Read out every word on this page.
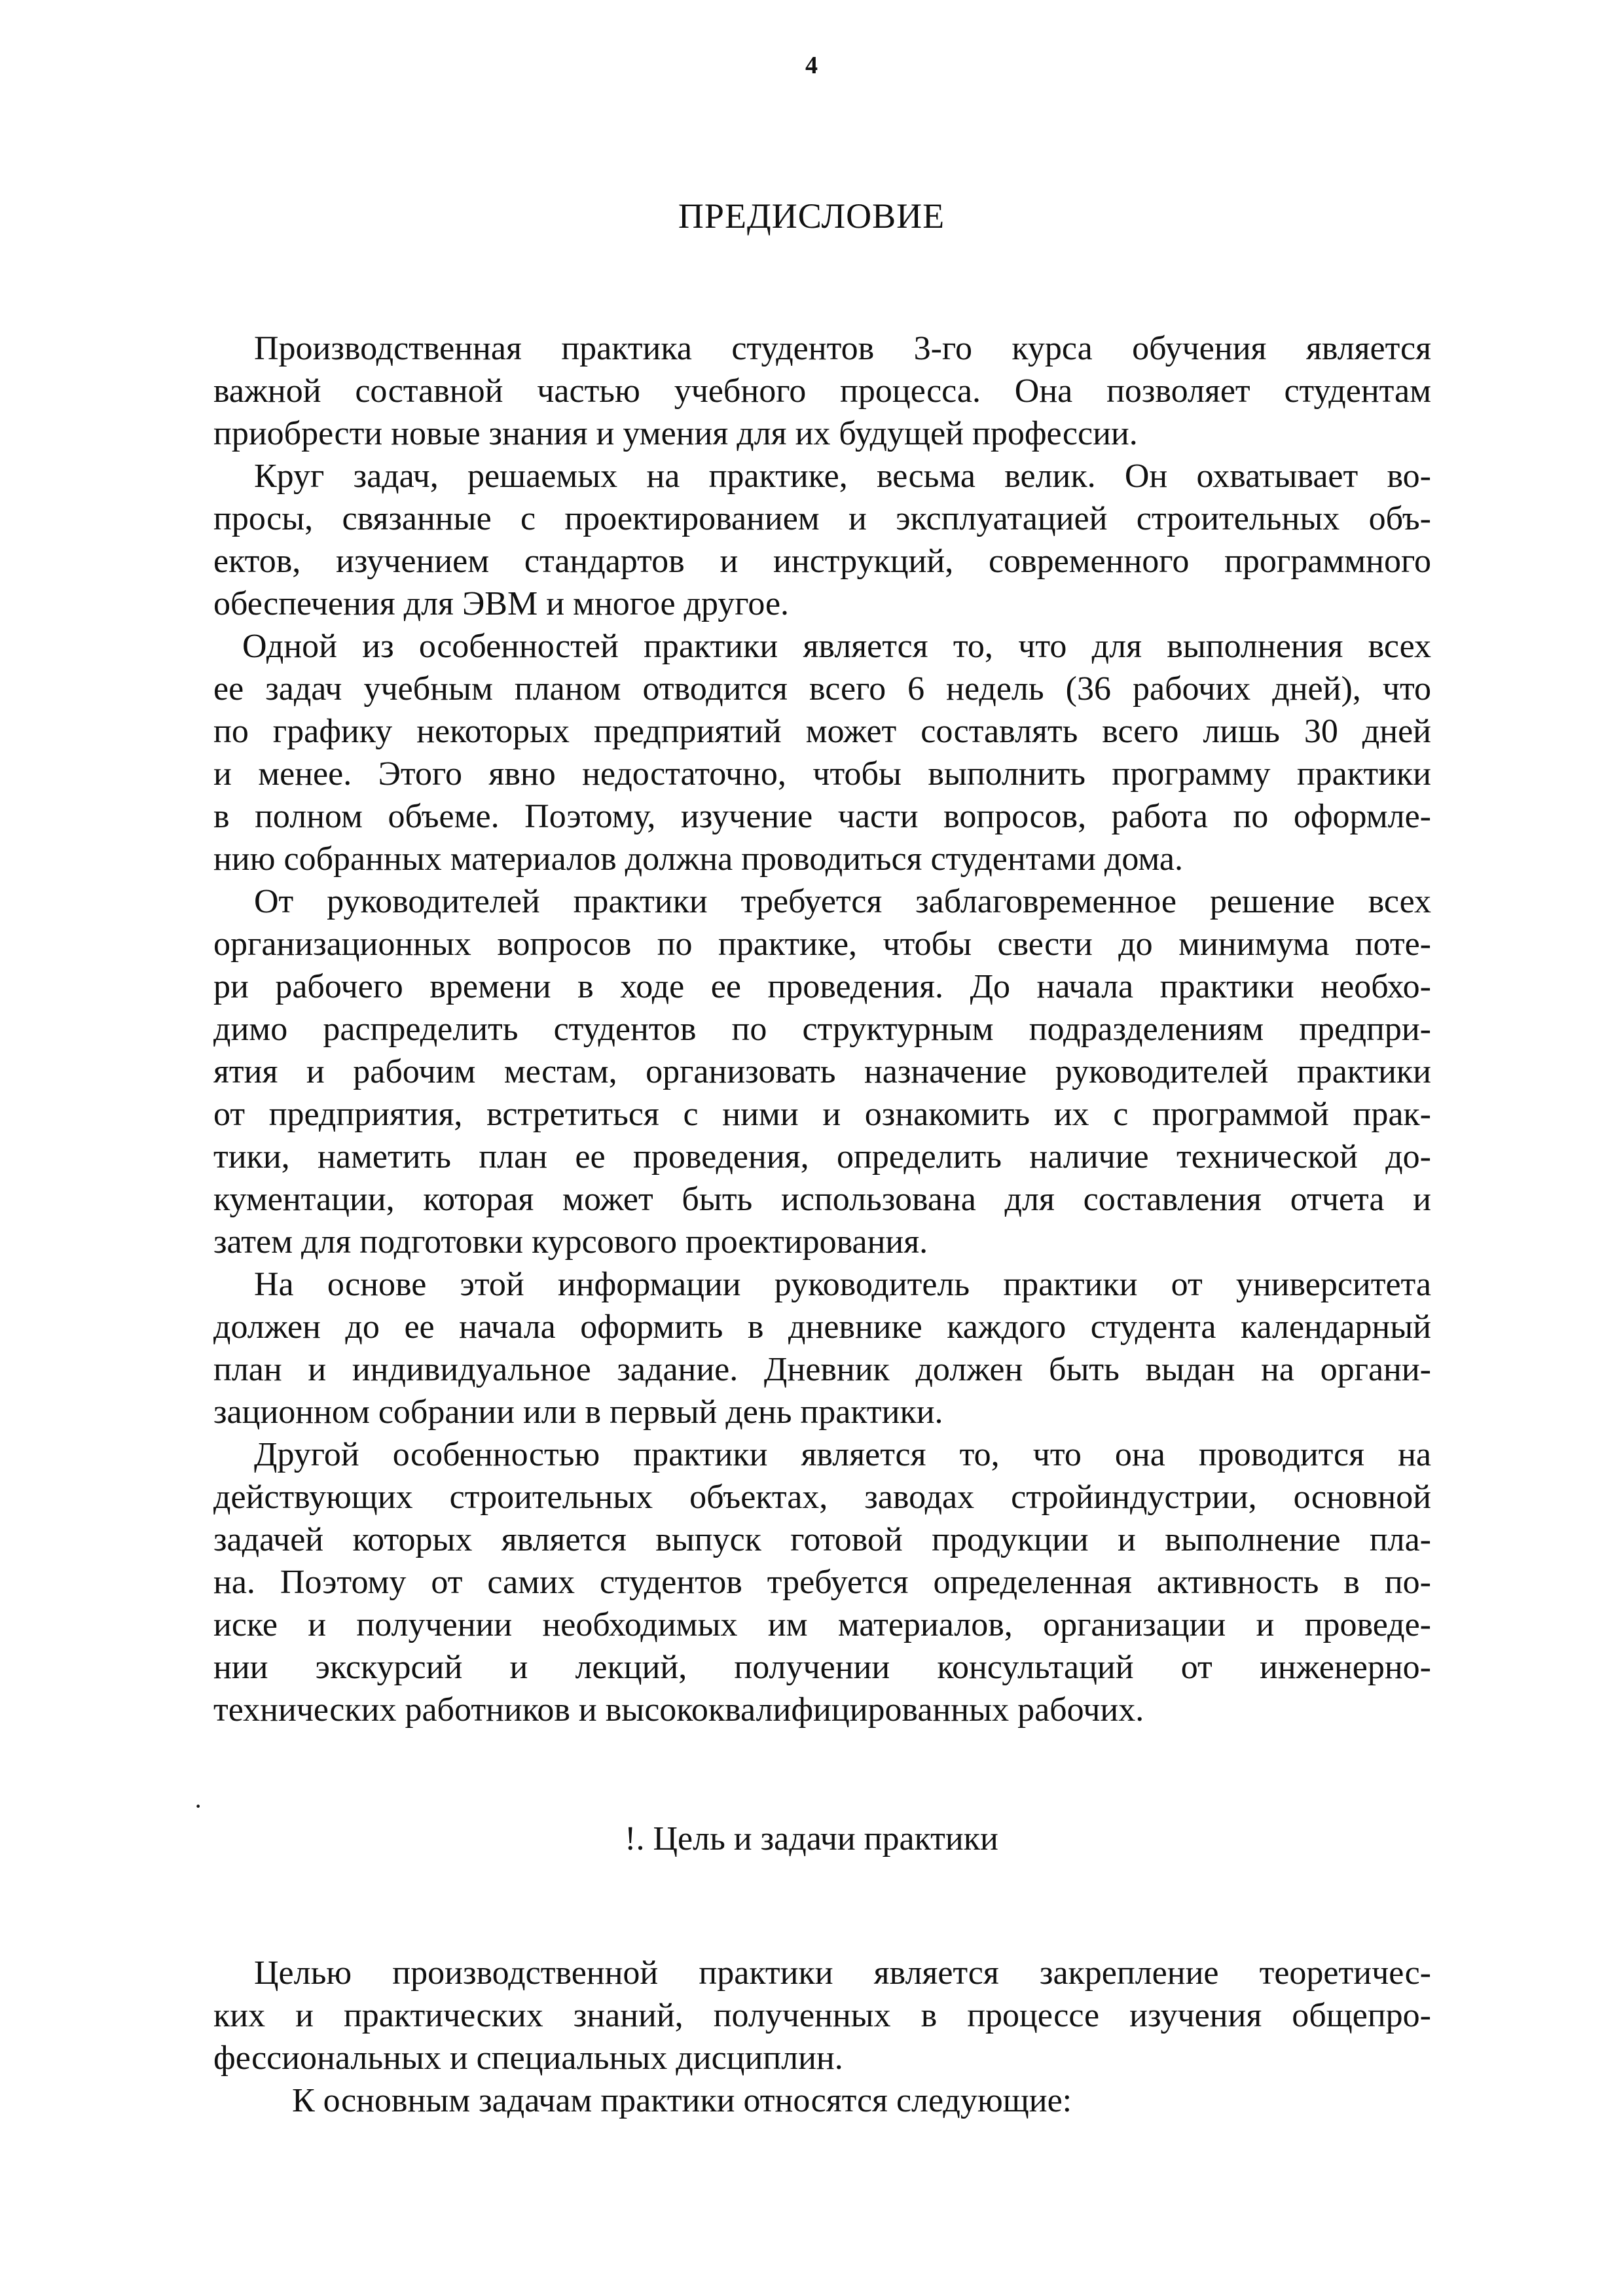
4
ПРЕДИСЛОВИЕ
Производственная практика студентов 3-го курса обучения является
важной составной частью учебного процесса. Она позволяет студентам
приобрести новые знания и умения для их будущей профессии.
Круг задач, решаемых на практике, весьма велик. Он охватывает во-
просы, связанные с проектированием и эксплуатацией строительных объ-
ектов, изучением стандартов и инструкций, современного программного
обеспечения для ЭВМ и многое другое.
Одной из особенностей практики является то, что для выполнения всех
ее задач учебным планом отводится всего 6 недель (36 рабочих дней), что
по графику некоторых предприятий может составлять всего лишь 30 дней
и менее. Этого явно недостаточно, чтобы выполнить программу практики
в полном объеме. Поэтому, изучение части вопросов, работа по оформле-
нию собранных материалов должна проводиться студентами дома.
От руководителей практики требуется заблаговременное решение всех
организационных вопросов по практике, чтобы свести до минимума поте-
ри рабочего времени в ходе ее проведения. До начала практики необхо-
димо распределить студентов по структурным подразделениям предпри-
ятия и рабочим местам, организовать назначение руководителей практики
от предприятия, встретиться с ними и ознакомить их с программой прак-
тики, наметить план ее проведения, определить наличие технической до-
кументации, которая может быть использована для составления отчета и
затем для подготовки курсового проектирования.
На основе этой информации руководитель практики от университета
должен до ее начала оформить в дневнике каждого студента календарный
план и индивидуальное задание. Дневник должен быть выдан на органи-
зационном собрании или в первый день практики.
Другой особенностью практики является то, что она проводится на
действующих строительных объектах, заводах стройиндустрии, основной
задачей которых является выпуск готовой продукции и выполнение пла-
на. Поэтому от самих студентов требуется определенная активность в по-
иске и получении необходимых им материалов, организации и проведе-
нии экскурсий и лекций, получении консультаций от инженерно-
технических работников и высококвалифицированных рабочих.
·
!. Цель и задачи практики
Целью производственной практики является закрепление теоретичес-
ких и практических знаний, полученных в процессе изучения общепро-
фессиональных и специальных дисциплин.
К основным задачам практики относятся следующие:
